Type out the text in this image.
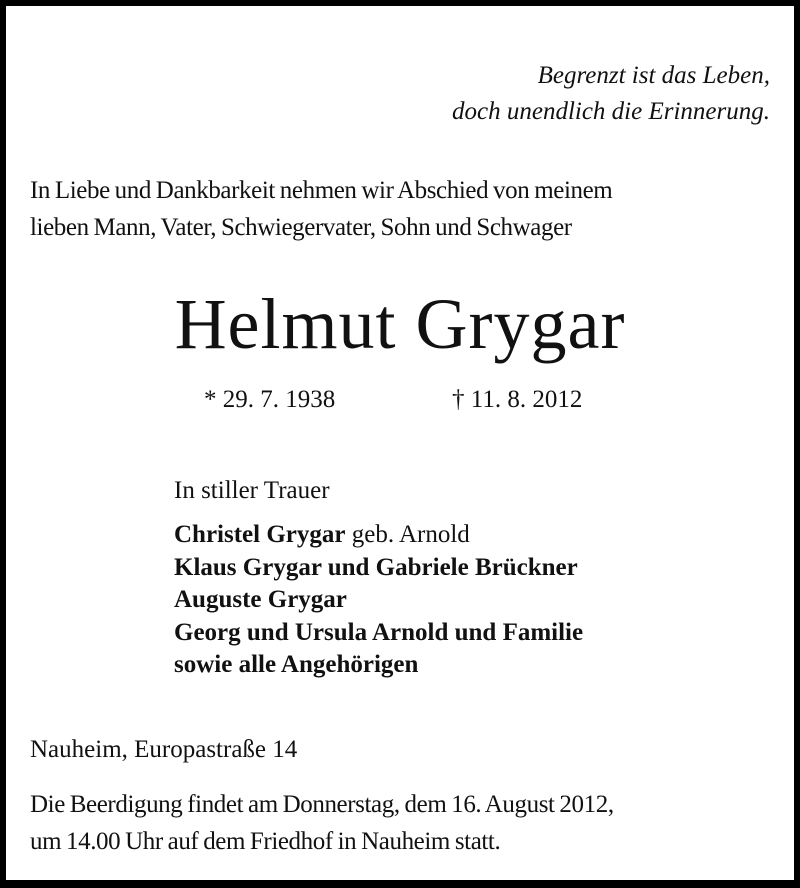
Begrenzt ist das Leben,
doch unendlich die Erinnerung.
In Liebe und Dankbarkeit nehmen wir Abschied von meinem
lieben Mann, Vater, Schwiegervater, Sohn und Schwager
Helmut Grygar
* 29. 7. 1938	† 11. 8. 2012
In stiller Trauer
Christel Grygar geb. Arnold
Klaus Grygar und Gabriele Brückner
Auguste Grygar
Georg und Ursula Arnold und Familie
sowie alle Angehörigen
Nauheim, Europastraße 14
Die Beerdigung findet am Donnerstag, dem 16. August 2012,
um 14.00 Uhr auf dem Friedhof in Nauheim statt.
